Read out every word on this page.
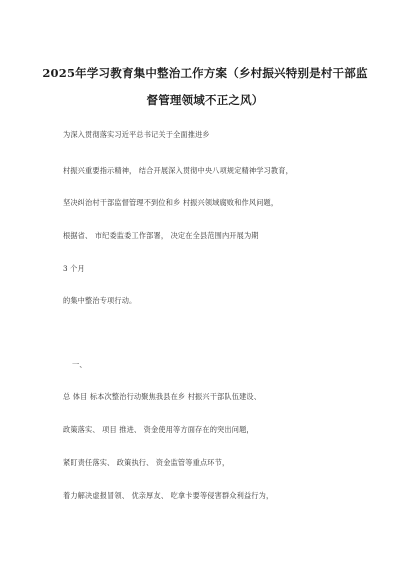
2025年学习教育集中整治工作方案（乡村振兴特别是村干部监
督管理领域不正之风）
为深入贯彻落实习近平总书记关于全面推进乡
村振兴重要指示精神， 结合开展深入贯彻中央八项规定精神学习教育，
坚决纠治村干部监督管理不到位和乡 村振兴领域腐败和作风问题，
根据省、 市纪委监委工作部署， 决定在全县范围内开展为期
3 个月
的集中整治专项行动。
一、
总 体目 标本次整治行动聚焦我县在乡 村振兴干部队伍建设、
政策落实、 项目 推进、 资金使用等方面存在的突出问题，
紧盯责任落实、 政策执行、 资金监管等重点环节，
着力解决虚报冒领、 优亲厚友、 吃拿卡要等侵害群众利益行为，
